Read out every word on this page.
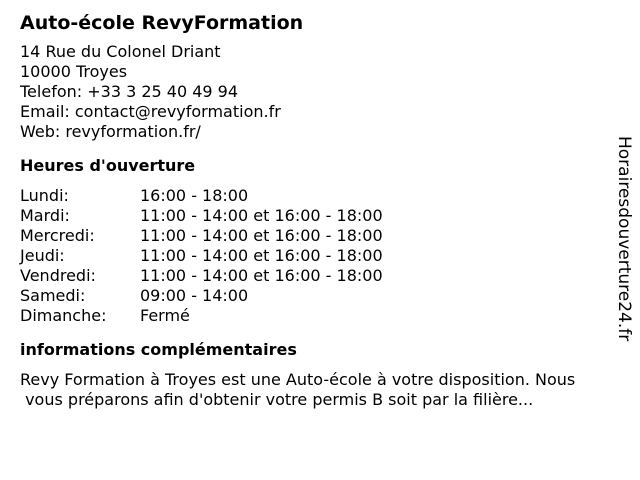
Auto-école RevyFormation
14 Rue du Colonel Driant
10000 Troyes
Telefon: +33 3 25 40 49 94
Email: contact@revyformation.fr
Web: revyformation.fr/
Heures d'ouverture
Lundi:	16:00 - 18:00
Mardi:	11:00 - 14:00 et 16:00 - 18:00
Mercredi:	11:00 - 14:00 et 16:00 - 18:00
Jeudi:	11:00 - 14:00 et 16:00 - 18:00
Vendredi:	11:00 - 14:00 et 16:00 - 18:00
Samedi:	09:00 - 14:00
Dimanche:	Fermé
informations complémentaires
Revy Formation à Troyes est une Auto-école à votre disposition. Nous
vous préparons afin d'obtenir votre permis B soit par la filière...
Horairesdouverture24.fr
